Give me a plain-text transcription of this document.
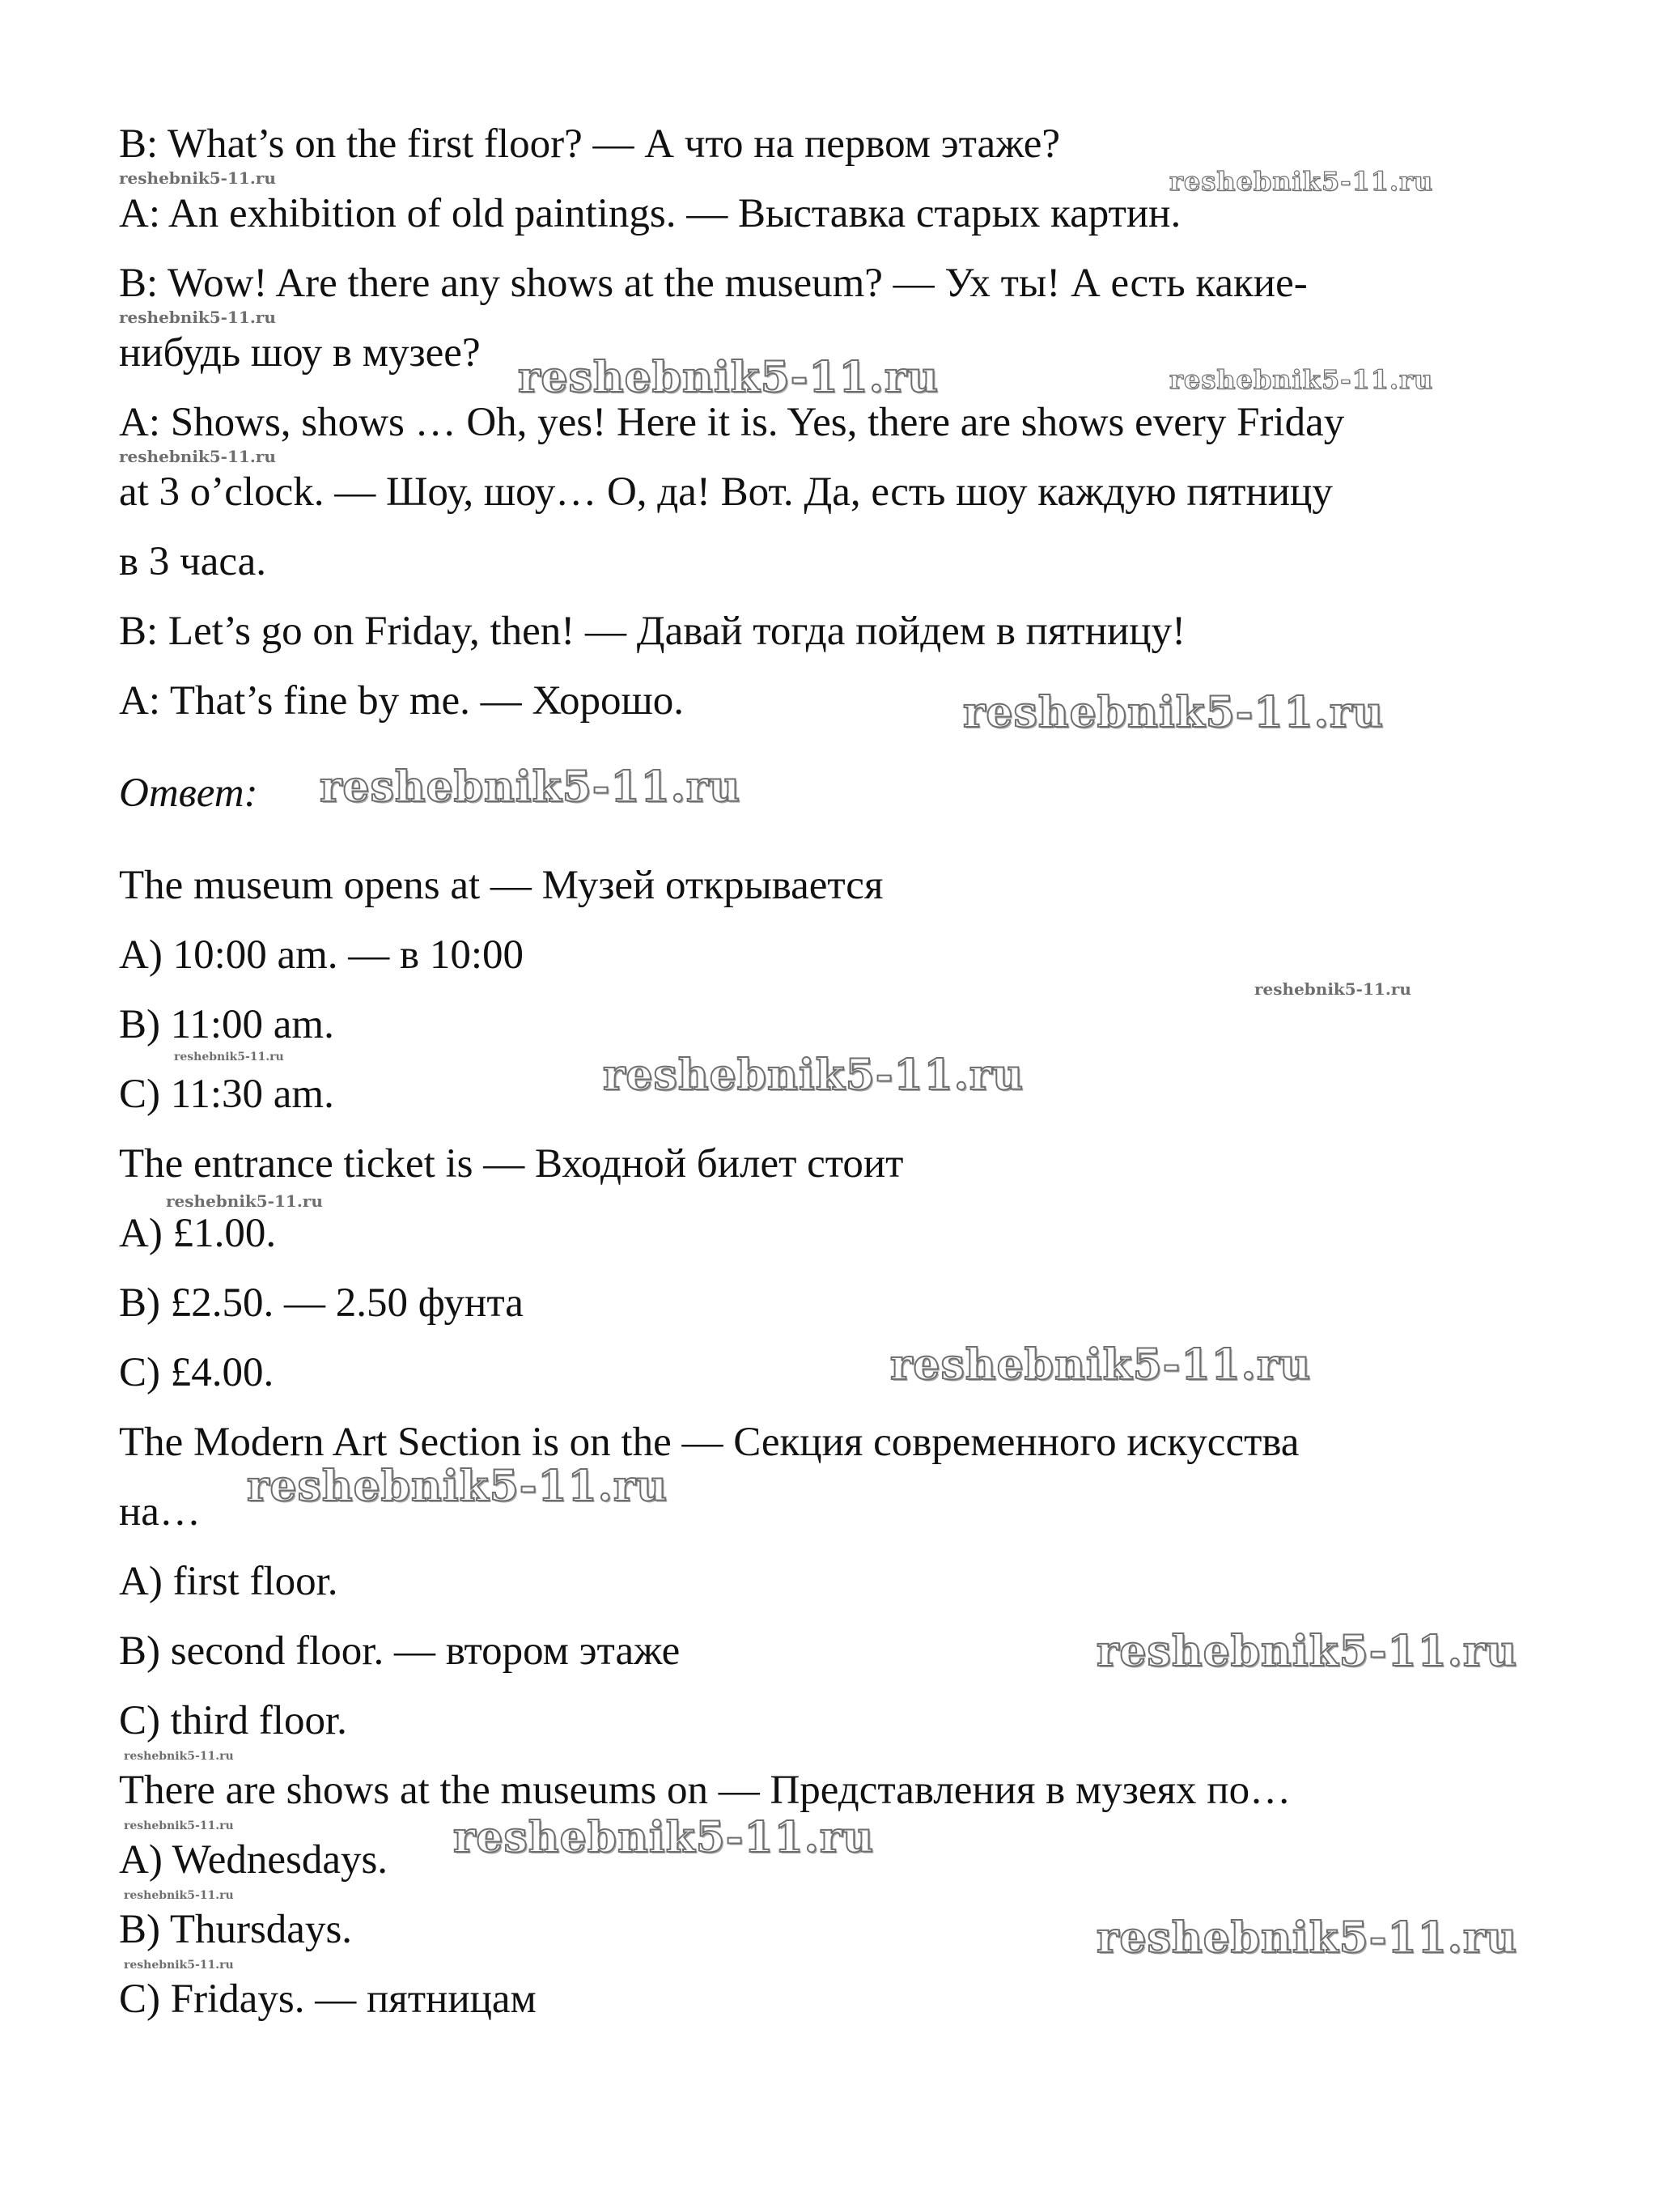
B: What’s on the first floor? — А что на первом этаже?
A: An exhibition of old paintings. — Выставка старых картин.
B: Wow! Are there any shows at the museum? — Ух ты! А есть какие-
нибудь шоу в музее?
A: Shows, shows … Oh, yes! Here it is. Yes, there are shows every Friday
at 3 o’clock. — Шоу, шоу… О, да! Вот. Да, есть шоу каждую пятницу
в 3 часа.
B: Let’s go on Friday, then! — Давай тогда пойдем в пятницу!
A: That’s fine by me. — Хорошо.
Ответ:
The museum opens at — Музей открывается
A) 10:00 am. — в 10:00
B) 11:00 am.
C) 11:30 am.
The entrance ticket is — Входной билет стоит
A) £1.00.
B) £2.50. — 2.50 фунта
C) £4.00.
The Modern Art Section is on the — Секция современного искусства
на…
A) first floor.
B) second floor. — втором этаже
C) third floor.
There are shows at the museums on — Представления в музеях по…
A) Wednesdays.
B) Thursdays.
C) Fridays. — пятницам
reshebnik5-11.ru	reshebnik5-11.ru
reshebnik5-11.ru
reshebnik5-11.ru	reshebnik5-11.ru
reshebnik5-11.ru
reshebnik5-11.ru
reshebnik5-11.ru
reshebnik5-11.ru
reshebnik5-11.ru	reshebnik5-11.ru
reshebnik5-11.ru
reshebnik5-11.ru
reshebnik5-11.ru
reshebnik5-11.ru
reshebnik5-11.ru
reshebnik5-11.ru	reshebnik5-11.ru
reshebnik5-11.ru
reshebnik5-11.ru
reshebnik5-11.ru
